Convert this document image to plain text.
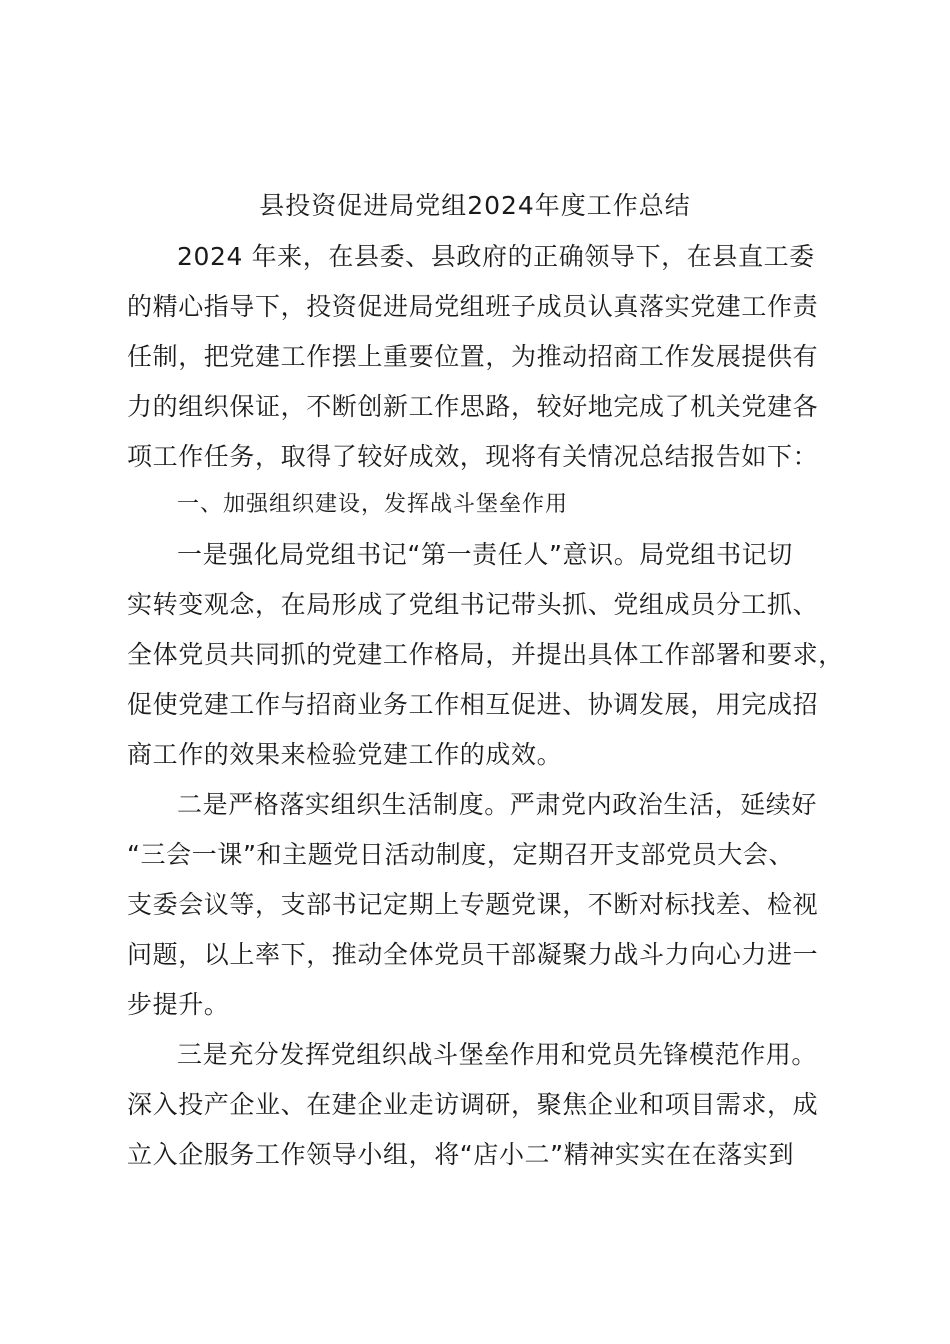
县投资促进局党组2024年度工作总结
2024 年来，在县委、县政府的正确领导下，在县直工委
的精心指导下，投资促进局党组班子成员认真落实党建工作责
任制，把党建工作摆上重要位置，为推动招商工作发展提供有
力的组织保证，不断创新工作思路，较好地完成了机关党建各
项工作任务，取得了较好成效，现将有关情况总结报告如下：
一、加强组织建设，发挥战斗堡垒作用
一是强化局党组书记“第一责任人”意识。局党组书记切
实转变观念，在局形成了党组书记带头抓、党组成员分工抓、
全体党员共同抓的党建工作格局，并提出具体工作部署和要求，
促使党建工作与招商业务工作相互促进、协调发展，用完成招
商工作的效果来检验党建工作的成效。
二是严格落实组织生活制度。严肃党内政治生活，延续好
“三会一课”和主题党日活动制度，定期召开支部党员大会、
支委会议等，支部书记定期上专题党课，不断对标找差、检视
问题，以上率下，推动全体党员干部凝聚力战斗力向心力进一
步提升。
三是充分发挥党组织战斗堡垒作用和党员先锋模范作用。
深入投产企业、在建企业走访调研，聚焦企业和项目需求，成
立入企服务工作领导小组，将“店小二”精神实实在在落实到
